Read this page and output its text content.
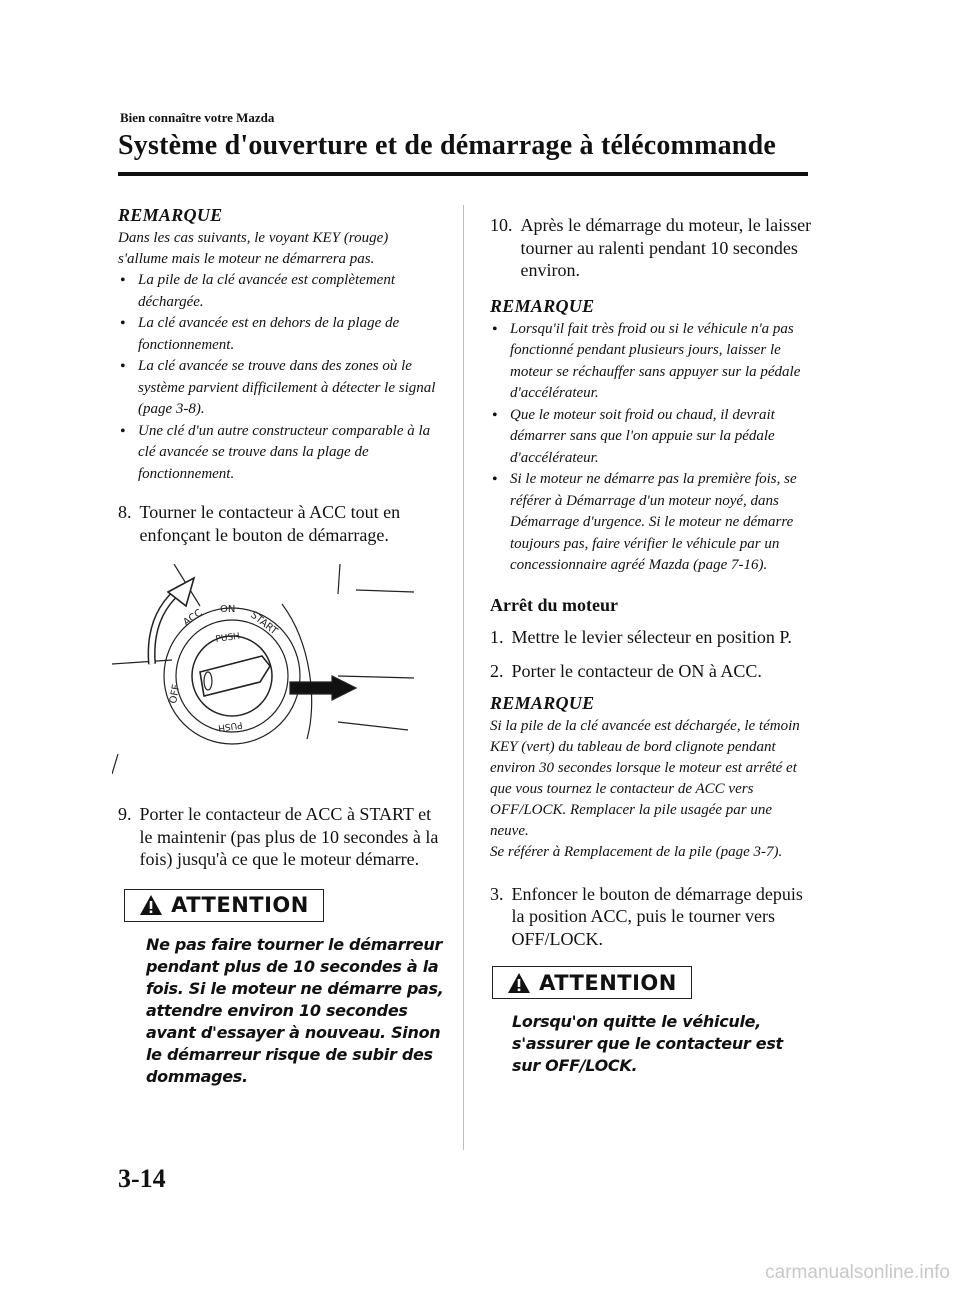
Bien connaître votre Mazda
Système d'ouverture et de démarrage à télécommande

REMARQUE

Dans les cas suivants, le voyant KEY (rouge) s'allume mais le moteur ne démarrera pas.

• La pile de la clé avancée est complètement déchargée.
• La clé avancée est en dehors de la plage de fonctionnement.
• La clé avancée se trouve dans des zones où le système parvient difficilement à détecter le signal (page 3-8).
• Une clé d'un autre constructeur comparable à la clé avancée se trouve dans la plage de fonctionnement.
8. Tourner le contacteur à ACC tout en enfonçant le bouton de démarrage.
ACC ON
START
OFF
PUSH
PUSH
9. Porter le contacteur de ACC à START et le maintenir (pas plus de 10 secondes à la fois) jusqu'à ce que le moteur démarre.
ATTENTION

Ne pas faire tourner le démarreur pendant plus de 10 secondes à la fois. Si le moteur ne démarre pas, attendre environ 10 secondes avant d'essayer à nouveau. Sinon le démarreur risque de subir des dommages.

10. Après le démarrage du moteur, le laisser tourner au ralenti pendant 10 secondes environ.

REMARQUE

• Lorsqu'il fait très froid ou si le véhicule n'a pas fonctionné pendant plusieurs jours, laisser le moteur se réchauffer sans appuyer sur la pédale d'accélérateur.
• Que le moteur soit froid ou chaud, il devrait démarrer sans que l'on appuie sur la pédale d'accélérateur.
• Si le moteur ne démarre pas la première fois, se référer à Démarrage d'un moteur noyé, dans Démarrage d'urgence. Si le moteur ne démarre toujours pas, faire vérifier le véhicule par un concessionnaire agréé Mazda (page 7-16).

Arrêt du moteur

1. Mettre le levier sélecteur en position P.
2. Porter le contacteur de ON à ACC.

REMARQUE

Si la pile de la clé avancée est déchargée, le témoin KEY (vert) du tableau de bord clignote pendant environ 30 secondes lorsque le moteur est arrêté et que vous tournez le contacteur de ACC vers OFF/LOCK. Remplacer la pile usagée par une neuve.

Se référer à Remplacement de la pile (page 3-7).

3. Enfoncer le bouton de démarrage depuis la position ACC, puis le tourner vers OFF/LOCK.
ATTENTION

Lorsqu'on quitte le véhicule, s'assurer que le contacteur est sur OFF/LOCK.

3-14
carmanualsonline.info
